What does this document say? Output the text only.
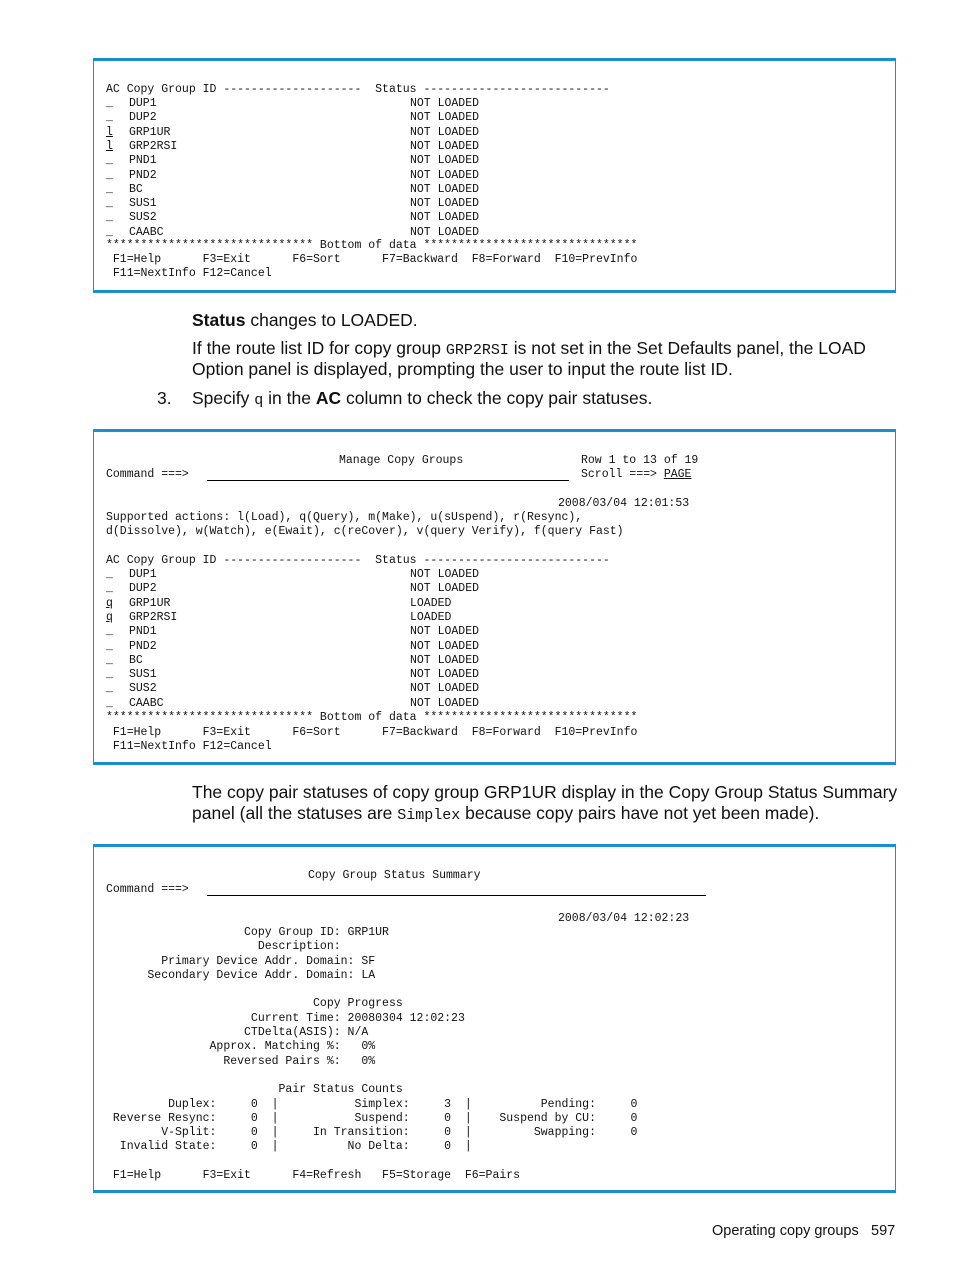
AC Copy Group ID --------------------  Status ---------------------------
_ DUP1	NOT LOADED
_ DUP2	NOT LOADED
l GRP1UR	NOT LOADED
l GRP2RSI	NOT LOADED
_ PND1	NOT LOADED
_ PND2	NOT LOADED
_ BC	NOT LOADED
_ SUS1	NOT LOADED
_ SUS2	NOT LOADED
_ CAABC	NOT LOADED
****************************** Bottom of data *******************************
F1=Help      F3=Exit      F6=Sort      F7=Backward  F8=Forward  F10=PrevInfo
F11=NextInfo F12=Cancel

Status changes to LOADED.

If the route list ID for copy group GRP2RSI is not set in the Set Defaults panel, the LOAD

Option panel is displayed, prompting the user to input the route list ID.

3. Specify q in the AC column to check the copy pair statuses.

Manage Copy Groups	Row 1 to 13 of 19
Command ===>	Scroll ===> PAGE
2008/03/04 12:01:53
Supported actions: l(Load), q(Query), m(Make), u(sUspend), r(Resync),
d(Dissolve), w(Watch), e(Ewait), c(reCover), v(query Verify), f(query Fast)
AC Copy Group ID --------------------  Status ---------------------------
_ DUP1	NOT LOADED
_ DUP2	NOT LOADED
q GRP1UR	LOADED
q GRP2RSI	LOADED
_ PND1	NOT LOADED
_ PND2	NOT LOADED
_ BC	NOT LOADED
_ SUS1	NOT LOADED
_ SUS2	NOT LOADED
_ CAABC	NOT LOADED
****************************** Bottom of data *******************************
F1=Help      F3=Exit      F6=Sort      F7=Backward  F8=Forward  F10=PrevInfo
F11=NextInfo F12=Cancel

The copy pair statuses of copy group GRP1UR display in the Copy Group Status Summary

panel (all the statuses are Simplex because copy pairs have not yet been made).

Copy Group Status Summary
Command ===>
2008/03/04 12:02:23
Copy Group ID: GRP1UR
Description:
Primary Device Addr. Domain: SF
Secondary Device Addr. Domain: LA
Copy Progress
Current Time: 20080304 12:02:23
CTDelta(ASIS): N/A
Approx. Matching %:   0%
Reversed Pairs %:   0%
Pair Status Counts
Duplex:     0  |           Simplex:     3  |          Pending:     0
Reverse Resync:     0  |           Suspend:     0  |    Suspend by CU:     0
V-Split:     0  |     In Transition:     0  |         Swapping:     0
Invalid State:     0  |          No Delta:     0  |
F1=Help      F3=Exit      F4=Refresh   F5=Storage  F6=Pairs
Operating copy groups 597
